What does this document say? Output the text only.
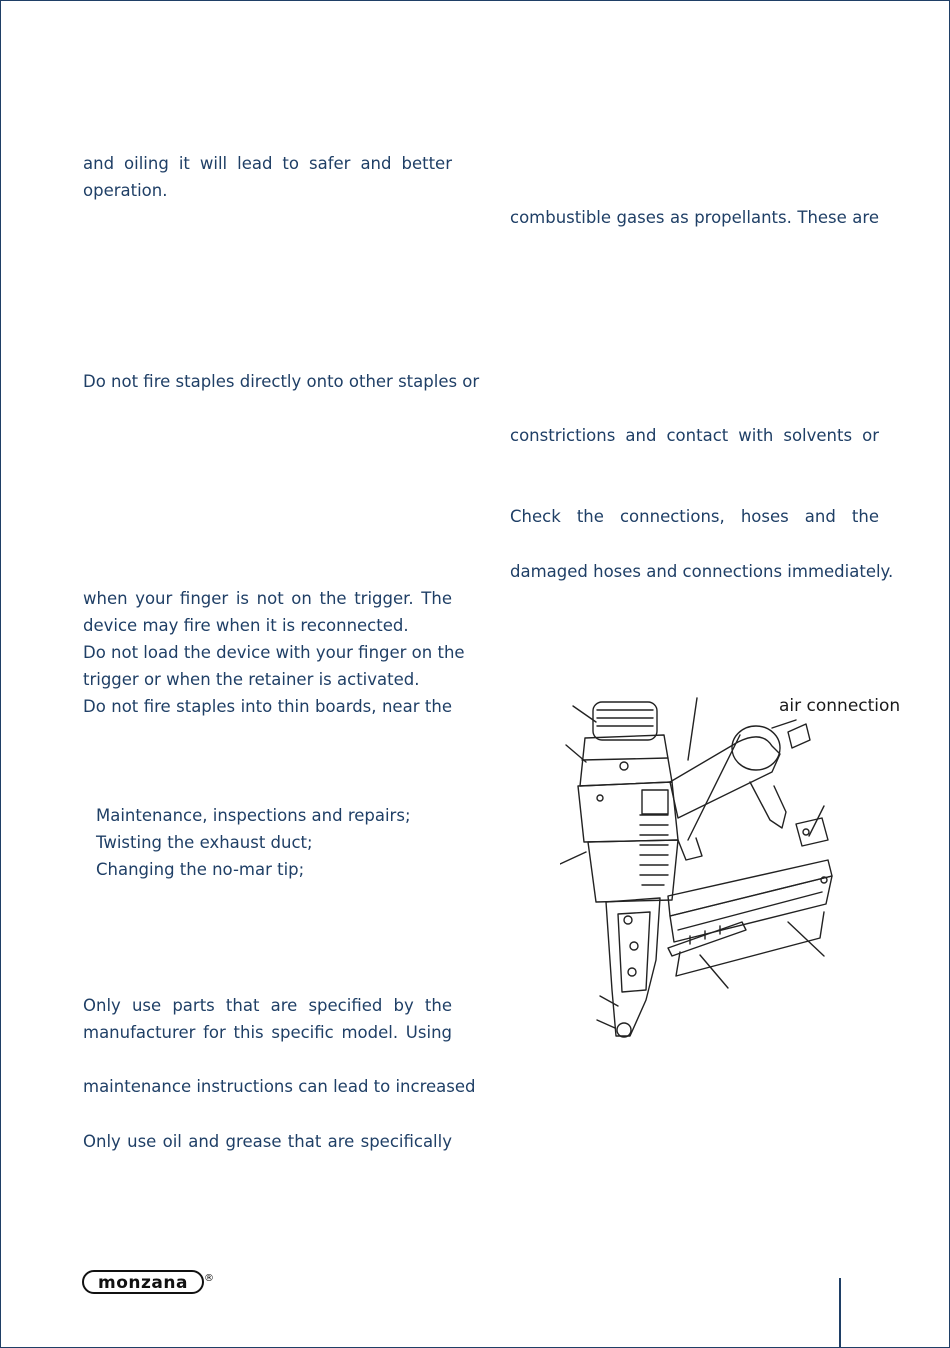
and oiling it will lead to safer and better
operation.
Do not fire staples directly onto other staples or
when your finger is not on the trigger. The
device may fire when it is reconnected.
Do not load the device with your finger on the
trigger or when the retainer is activated.
Do not fire staples into thin boards, near the
Maintenance, inspections and repairs;
Twisting the exhaust duct;
Changing the no-mar tip;
Only use parts that are specified by the
manufacturer for this specific model. Using
maintenance instructions can lead to increased
Only use oil and grease that are specifically
combustible gases as propellants. These are
constrictions and contact with solvents or
Check the connections, hoses and the
damaged hoses and connections immediately.
air connection
monzana ®
